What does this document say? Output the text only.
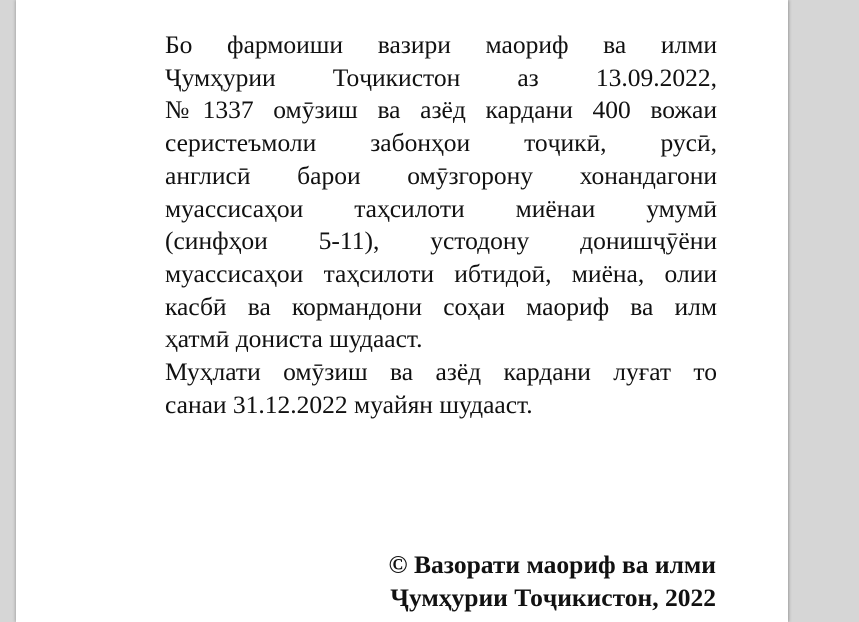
Бо фармоиши вазири маориф ва илми
Ҷумҳурии Тоҷикистон аз 13.09.2022,
№1337 омӯзиш ва азёд кардани 400 вожаи
серистеъмоли забонҳои тоҷикӣ, русӣ,
англисӣ барои омӯзгорону хонандагони
муассисаҳои таҳсилоти миёнаи умумӣ
(синфҳои 5-11), устодону донишҷӯёни
муассисаҳои таҳсилоти ибтидоӣ, миёна, олии
касбӣ ва кормандони соҳаи маориф ва илм
ҳатмӣ дониста шудааст.

Муҳлати омӯзиш ва азёд кардани луғат то
санаи 31.12.2022 муайян шудааст.

© Вазорати маориф ва илми
Ҷумҳурии Тоҷикистон, 2022
